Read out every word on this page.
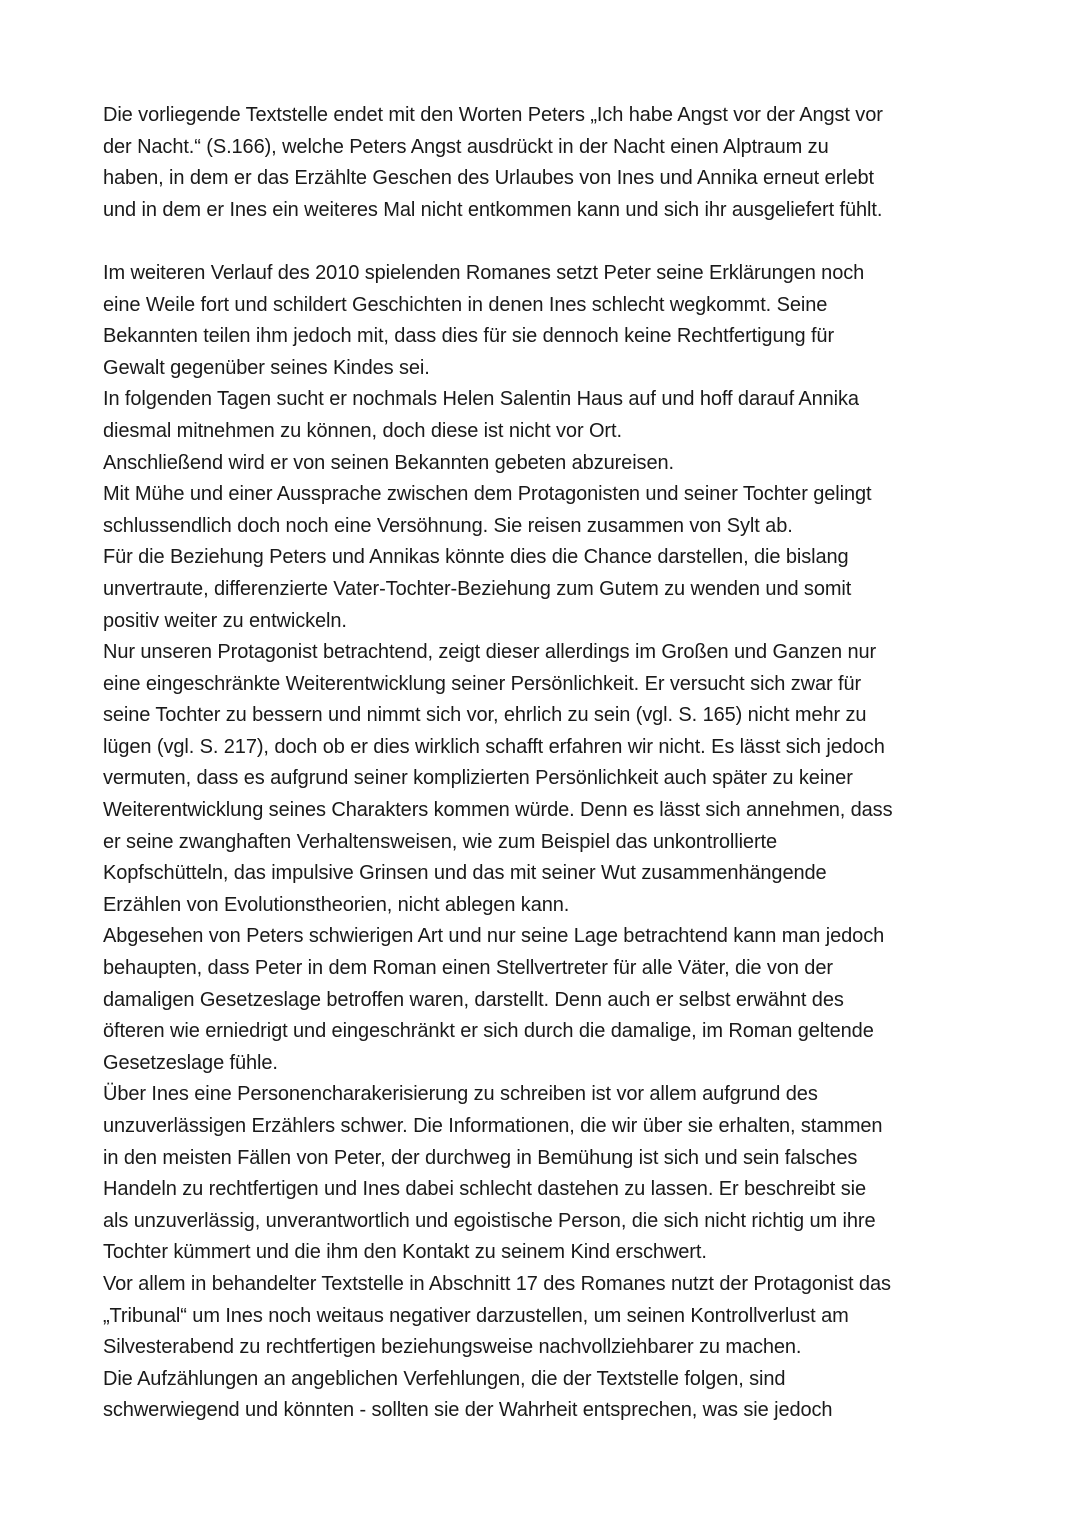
Die vorliegende Textstelle endet mit den Worten Peters „Ich habe Angst vor der Angst vor
der Nacht.“ (S.166), welche Peters Angst ausdrückt in der Nacht einen Alptraum zu
haben, in dem er das Erzählte Geschen des Urlaubes von Ines und Annika erneut erlebt
und in dem er Ines ein weiteres Mal nicht entkommen kann und sich ihr ausgeliefert fühlt.
Im weiteren Verlauf des 2010 spielenden Romanes setzt Peter seine Erklärungen noch
eine Weile fort und schildert Geschichten in denen Ines schlecht wegkommt. Seine
Bekannten teilen ihm jedoch mit, dass dies für sie dennoch keine Rechtfertigung für
Gewalt gegenüber seines Kindes sei.
In folgenden Tagen sucht er nochmals Helen Salentin Haus auf und hoff darauf Annika
diesmal mitnehmen zu können, doch diese ist nicht vor Ort.
Anschließend wird er von seinen Bekannten gebeten abzureisen.
Mit Mühe und einer Aussprache zwischen dem Protagonisten und seiner Tochter gelingt
schlussendlich doch noch eine Versöhnung. Sie reisen zusammen von Sylt ab.
Für die Beziehung Peters und Annikas könnte dies die Chance darstellen, die bislang
unvertraute, differenzierte Vater-Tochter-Beziehung zum Gutem zu wenden und somit
positiv weiter zu entwickeln.
Nur unseren Protagonist betrachtend, zeigt dieser allerdings im Großen und Ganzen nur
eine eingeschränkte Weiterentwicklung seiner Persönlichkeit. Er versucht sich zwar für
seine Tochter zu bessern und nimmt sich vor, ehrlich zu sein (vgl. S. 165) nicht mehr zu
lügen (vgl. S. 217), doch ob er dies wirklich schafft erfahren wir nicht. Es lässt sich jedoch
vermuten, dass es aufgrund seiner komplizierten Persönlichkeit auch später zu keiner
Weiterentwicklung seines Charakters kommen würde. Denn es lässt sich annehmen, dass
er seine zwanghaften Verhaltensweisen, wie zum Beispiel das unkontrollierte
Kopfschütteln, das impulsive Grinsen und das mit seiner Wut zusammenhängende
Erzählen von Evolutionstheorien, nicht ablegen kann.
Abgesehen von Peters schwierigen Art und nur seine Lage betrachtend kann man jedoch
behaupten, dass Peter in dem Roman einen Stellvertreter für alle Väter, die von der
damaligen Gesetzeslage betroffen waren, darstellt. Denn auch er selbst erwähnt des
öfteren wie erniedrigt und eingeschränkt er sich durch die damalige, im Roman geltende
Gesetzeslage fühle.
Über Ines eine Personencharakerisierung zu schreiben ist vor allem aufgrund des
unzuverlässigen Erzählers schwer. Die Informationen, die wir über sie erhalten, stammen
in den meisten Fällen von Peter, der durchweg in Bemühung ist sich und sein falsches
Handeln zu rechtfertigen und Ines dabei schlecht dastehen zu lassen. Er beschreibt sie
als unzuverlässig, unverantwortlich und egoistische Person, die sich nicht richtig um ihre
Tochter kümmert und die ihm den Kontakt zu seinem Kind erschwert.
Vor allem in behandelter Textstelle in Abschnitt 17 des Romanes nutzt der Protagonist das
„Tribunal“ um Ines noch weitaus negativer darzustellen, um seinen Kontrollverlust am
Silvesterabend zu rechtfertigen beziehungsweise nachvollziehbarer zu machen.
Die Aufzählungen an angeblichen Verfehlungen, die der Textstelle folgen, sind
schwerwiegend und könnten - sollten sie der Wahrheit entsprechen, was sie jedoch
